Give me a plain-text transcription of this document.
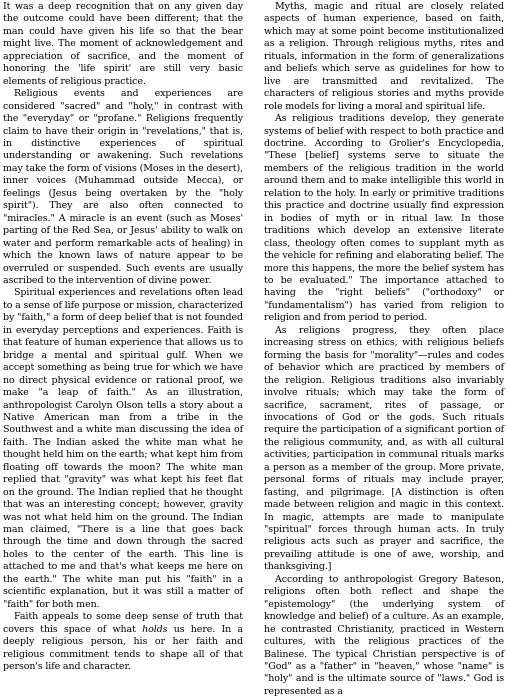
It was a deep recognition that on any given day the outcome could have been different; that the man could have given his life so that the bear might live. The moment of acknowledgement and appreciation of sacrifice, and the moment of honoring the 'life spirit' are still very basic elements of religious practice.

Religious events and experiences are considered "sacred" and "holy," in contrast with the "everyday" or "profane." Religions frequently claim to have their origin in "revelations," that is, in distinctive experiences of spiritual understanding or awakening. Such revelations may take the form of visions (Moses in the desert), inner voices (Muhammad outside Mecca), or feelings (Jesus being overtaken by the "holy spirit"). They are also often connected to "miracles." A miracle is an event (such as Moses' parting of the Red Sea, or Jesus' ability to walk on water and perform remarkable acts of healing) in which the known laws of nature appear to be overruled or suspended. Such events are usually ascribed to the intervention of divine power.

Spiritual experiences and revelations often lead to a sense of life purpose or mission, characterized by "faith," a form of deep belief that is not founded in everyday perceptions and experiences. Faith is that feature of human experience that allows us to bridge a mental and spiritual gulf. When we accept something as being true for which we have no direct physical evidence or rational proof, we make "a leap of faith." As an illustration, anthropologist Carolyn Olson tells a story about a Native American man from a tribe in the Southwest and a white man discussing the idea of faith. The Indian asked the white man what he thought held him on the earth; what kept him from floating off towards the moon? The white man replied that "gravity" was what kept his feet flat on the ground. The Indian replied that he thought that was an interesting concept; however, gravity was not what held him on the ground. The Indian man claimed, "There is a line that goes back through the time and down through the sacred holes to the center of the earth. This line is attached to me and that's what keeps me here on the earth." The white man put his "faith" in a scientific explanation, but it was still a matter of "faith" for both men.

Faith appeals to some deep sense of truth that covers this space of what holds us here. In a deeply religious person, his or her faith and religious commitment tends to shape all of that person's life and character.

Myths, magic and ritual are closely related aspects of human experience, based on faith, which may at some point become institutionalized as a religion. Through religious myths, rites and rituals, information in the form of generalizations and beliefs which serve as guidelines for how to live are transmitted and revitalized. The characters of religious stories and myths provide role models for living a moral and spiritual life.

As religious traditions develop, they generate systems of belief with respect to both practice and doctrine. According to Grolier's Encyclopedia, "These [belief] systems serve to situate the members of the religious tradition in the world around them and to make intelligible this world in relation to the holy. In early or primitive traditions this practice and doctrine usually find expression in bodies of myth or in ritual law. In those traditions which develop an extensive literate class, theology often comes to supplant myth as the vehicle for refining and elaborating belief. The more this happens, the more the belief system has to be evaluated." The importance attached to having the "right beliefs" ("orthodoxy" or "fundamentalism") has varied from religion to religion and from period to period.

As religions progress, they often place increasing stress on ethics, with religious beliefs forming the basis for "morality"—rules and codes of behavior which are practiced by members of the religion. Religious traditions also invariably involve rituals; which may take the form of sacrifice, sacrament, rites of passage, or invocations of God or the gods. Such rituals require the participation of a significant portion of the religious community, and, as with all cultural activities, participation in communal rituals marks a person as a member of the group. More private, personal forms of rituals may include prayer, fasting, and pilgrimage. [A distinction is often made between religion and magic in this context. In magic, attempts are made to manipulate "spiritual" forces through human acts. In truly religious acts such as prayer and sacrifice, the prevailing attitude is one of awe, worship, and thanksgiving.]

According to anthropologist Gregory Bateson, religions often both reflect and shape the "epistemology" (the underlying system of knowledge and belief) of a culture. As an example, he contrasted Christianity, practiced in Western cultures, with the religious practices of the Balinese. The typical Christian perspective is of "God" as a "father" in "heaven," whose "name" is "holy" and is the ultimate source of "laws." God is represented as a
